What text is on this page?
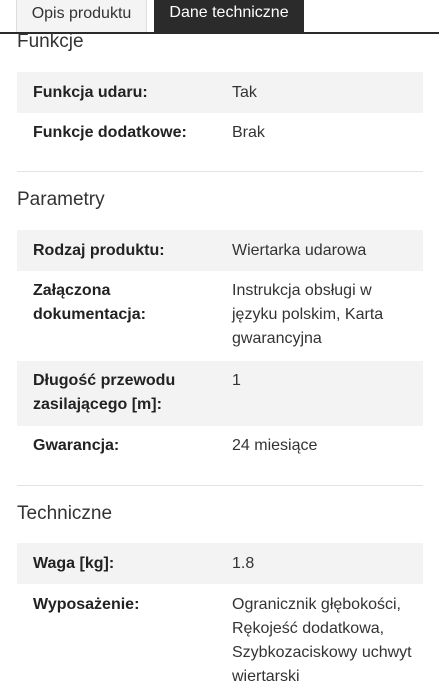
Opis produktu	Dane techniczne
Funkcje
Funkcja udaru:	Tak
Funkcje dodatkowe:	Brak
Parametry
Rodzaj produktu:	Wiertarka udarowa
Załączona dokumentacja:
Instrukcja obsługi w języku polskim, Karta gwarancyjna
Długość przewodu zasilającego [m]:
1
Gwarancja:	24 miesiące
Techniczne
Waga [kg]:	1.8
Wyposażenie:	Ogranicznik głębokości, Rękojeść dodatkowa, Szybkozaciskowy uchwyt wiertarski
